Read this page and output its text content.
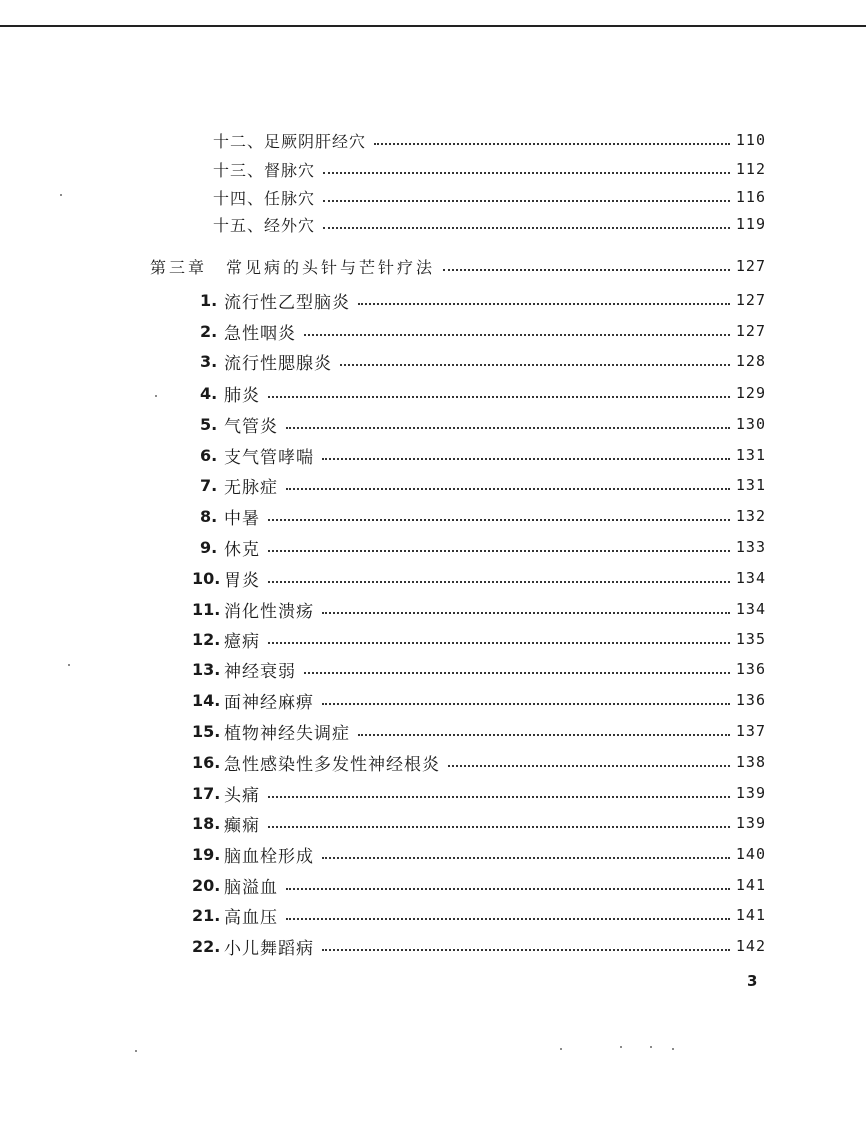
十二、足厥阴肝经穴	110
十三、督脉穴	112
十四、任脉穴	116
十五、经外穴	119
第三章　常见病的头针与芒针疗法	127
1. 流行性乙型脑炎	127
2. 急性咽炎	127
3. 流行性腮腺炎	128
4. 肺炎	129
5. 气管炎	130
6. 支气管哮喘	131
7. 无脉症	131
8. 中暑	132
9. 休克	133
10. 胃炎	134
11. 消化性溃疡	134
12. 癔病	135
13. 神经衰弱	136
14. 面神经麻痹	136
15. 植物神经失调症	137
16. 急性感染性多发性神经根炎	138
17. 头痛	139
18. 癫痫	139
19. 脑血栓形成	140
20. 脑溢血	141
21. 高血压	141
22. 小儿舞蹈病	142
3
